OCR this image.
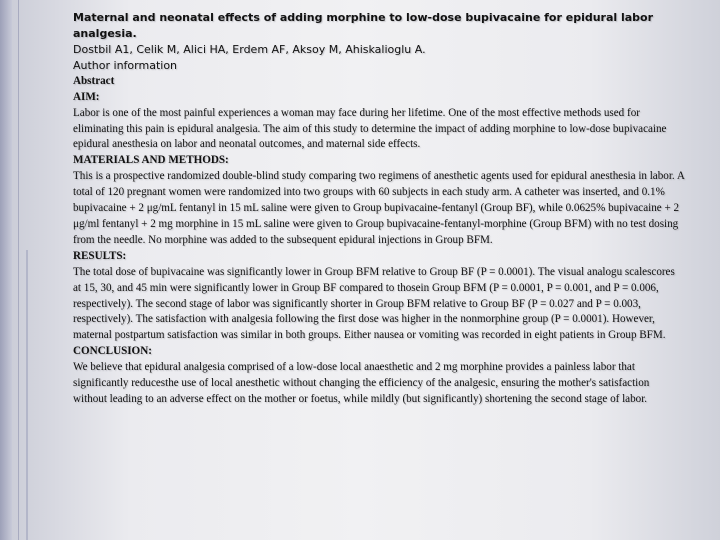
Maternal and neonatal effects of adding morphine to low-dose bupivacaine for epidural labor analgesia.

Dostbil A1, Celik M, Alici HA, Erdem AF, Aksoy M, Ahiskalioglu A.

Author information

Abstract

AIM:

Labor is one of the most painful experiences a woman may face during her lifetime. One of the most effective methods used for eliminating this pain is epidural analgesia. The aim of this study to determine the impact of adding morphine to low-dose bupivacaine epidural anesthesia on labor and neonatal outcomes, and maternal side effects.

MATERIALS AND METHODS:

This is a prospective randomized double-blind study comparing two regimens of anesthetic agents used for epidural anesthesia in labor. A total of 120 pregnant women were randomized into two groups with 60 subjects in each study arm. A catheter was inserted, and 0.1% bupivacaine + 2 μg/mL fentanyl in 15 mL saline were given to Group bupivacaine-fentanyl (Group BF), while 0.0625% bupivacaine + 2 μg/ml fentanyl + 2 mg morphine in 15 mL saline were given to Group bupivacaine-fentanyl-morphine (Group BFM) with no test dosing from the needle. No morphine was added to the subsequent epidural injections in Group BFM.

RESULTS:

The total dose of bupivacaine was significantly lower in Group BFM relative to Group BF (P = 0.0001). The visual analogu scalescores at 15, 30, and 45 min were significantly lower in Group BF compared to thosein Group BFM (P = 0.0001, P = 0.001, and P = 0.006, respectively). The second stage of labor was significantly shorter in Group BFM relative to Group BF (P = 0.027 and P = 0.003, respectively). The satisfaction with analgesia following the first dose was higher in the nonmorphine group (P = 0.0001). However, maternal postpartum satisfaction was similar in both groups. Either nausea or vomiting was recorded in eight patients in Group BFM.

CONCLUSION:

We believe that epidural analgesia comprised of a low-dose local anaesthetic and 2 mg morphine provides a painless labor that significantly reducesthe use of local anesthetic without changing the efficiency of the analgesic, ensuring the mother's satisfaction without leading to an adverse effect on the mother or foetus, while mildly (but significantly) shortening the second stage of labor.
